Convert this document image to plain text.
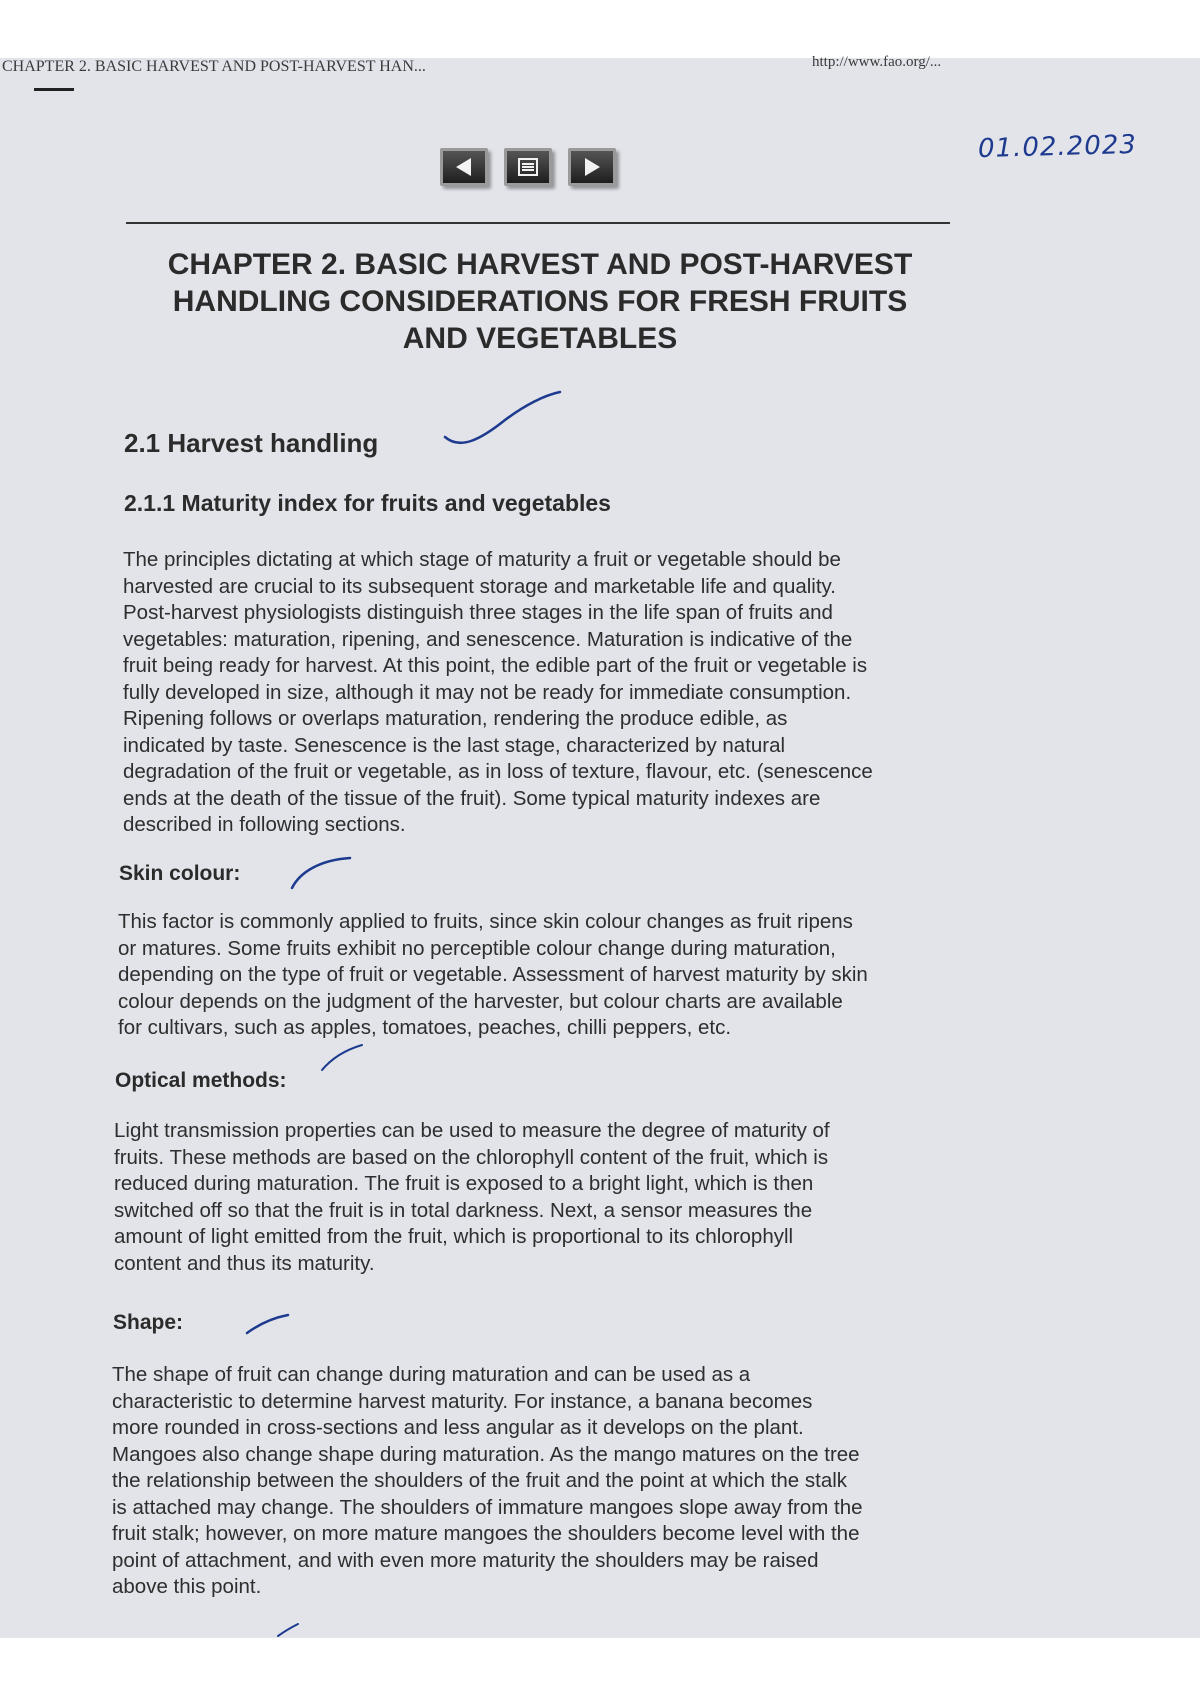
CHAPTER 2. BASIC HARVEST AND POST-HARVEST HAN...	http://www.fao.org/...
01.02.2023
CHAPTER 2. BASIC HARVEST AND POST-HARVEST
HANDLING CONSIDERATIONS FOR FRESH FRUITS
AND VEGETABLES
2.1 Harvest handling
2.1.1 Maturity index for fruits and vegetables
The principles dictating at which stage of maturity a fruit or vegetable should be
harvested are crucial to its subsequent storage and marketable life and quality.
Post-harvest physiologists distinguish three stages in the life span of fruits and
vegetables: maturation, ripening, and senescence. Maturation is indicative of the
fruit being ready for harvest. At this point, the edible part of the fruit or vegetable is
fully developed in size, although it may not be ready for immediate consumption.
Ripening follows or overlaps maturation, rendering the produce edible, as
indicated by taste. Senescence is the last stage, characterized by natural
degradation of the fruit or vegetable, as in loss of texture, flavour, etc. (senescence
ends at the death of the tissue of the fruit). Some typical maturity indexes are
described in following sections.
Skin colour:
This factor is commonly applied to fruits, since skin colour changes as fruit ripens
or matures. Some fruits exhibit no perceptible colour change during maturation,
depending on the type of fruit or vegetable. Assessment of harvest maturity by skin
colour depends on the judgment of the harvester, but colour charts are available
for cultivars, such as apples, tomatoes, peaches, chilli peppers, etc.
Optical methods:
Light transmission properties can be used to measure the degree of maturity of
fruits. These methods are based on the chlorophyll content of the fruit, which is
reduced during maturation. The fruit is exposed to a bright light, which is then
switched off so that the fruit is in total darkness. Next, a sensor measures the
amount of light emitted from the fruit, which is proportional to its chlorophyll
content and thus its maturity.
Shape:
The shape of fruit can change during maturation and can be used as a
characteristic to determine harvest maturity. For instance, a banana becomes
more rounded in cross-sections and less angular as it develops on the plant.
Mangoes also change shape during maturation. As the mango matures on the tree
the relationship between the shoulders of the fruit and the point at which the stalk
is attached may change. The shoulders of immature mangoes slope away from the
fruit stalk; however, on more mature mangoes the shoulders become level with the
point of attachment, and with even more maturity the shoulders may be raised
above this point.
